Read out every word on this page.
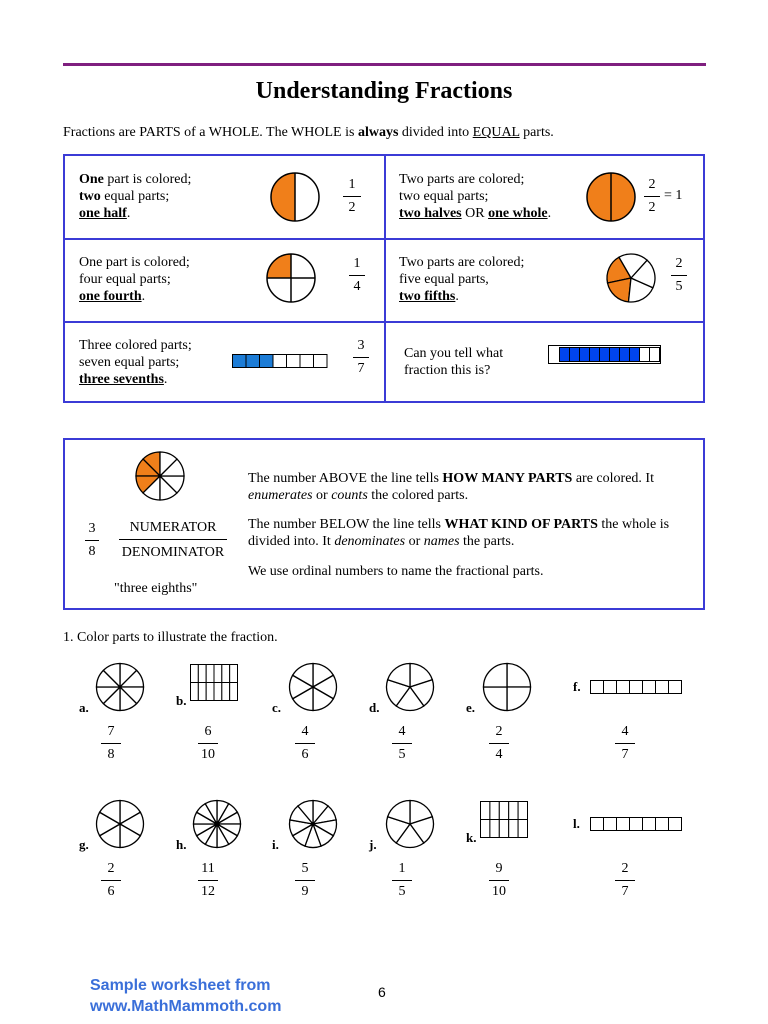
Understanding Fractions
Fractions are PARTS of a WHOLE. The WHOLE is always divided into EQUAL parts.
One part is colored;
two equal parts;
one half.
1
2
Two parts are colored;
two equal parts;
two halves OR one whole.
2
2
= 1
One part is colored;
four equal parts;
one fourth.
1
4
Two parts are colored;
five equal parts,
two fifths.
2
5
Three colored parts;
seven equal parts;
three sevenths.
3
7
Can you tell what
fraction this is?
3
8
NUMERATOR
DENOMINATOR
"three eighths"
The number ABOVE the line tells HOW MANY PARTS are colored. It enumerates or counts the colored parts.
The number BELOW the line tells WHAT KIND OF PARTS the whole is divided into. It denominates or names the parts.
We use ordinal numbers to name the fractional parts.
1. Color parts to illustrate the fraction.
a.
7
8
b.
6
10
c.
4
6
d.
4
5
e.
2
4
f.
4
7
g.
2
6
h.
11
12
i.
5
9
j.
1
5
k.
9
10
l.
2
7
Sample worksheet from
www.MathMammoth.com
6
